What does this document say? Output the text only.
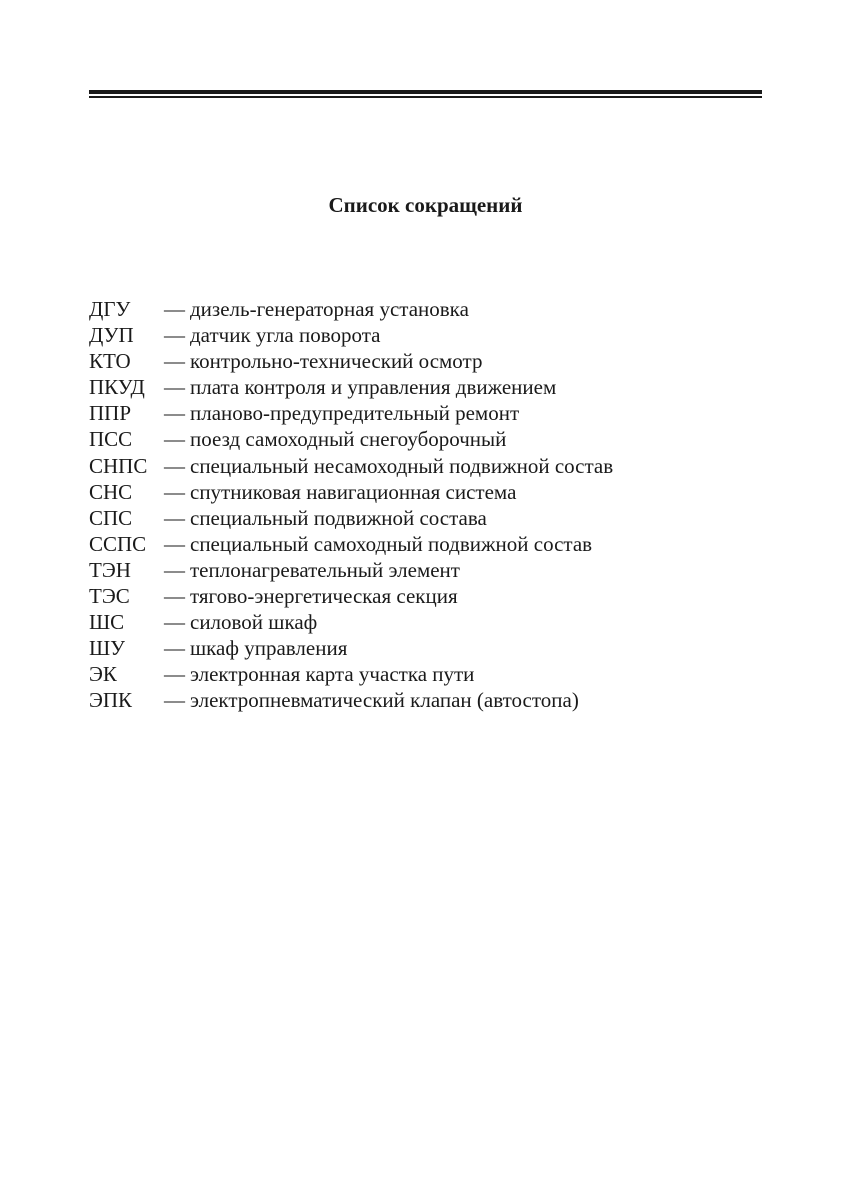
Список сокращений
ДГУ	— дизель-генераторная установка
ДУП	— датчик угла поворота
КТО	— контрольно-технический осмотр
ПКУД — плата контроля и управления движением
ППР	— планово-предупредительный ремонт
ПСС	— поезд самоходный снегоуборочный
СНПС — специальный несамоходный подвижной состав
СНС	— спутниковая навигационная система
СПС	— специальный подвижной состава
ССПС — специальный самоходный подвижной состав
ТЭН	— теплонагревательный элемент
ТЭС	— тягово-энергетическая секция
ШС	— силовой шкаф
ШУ	— шкаф управления
ЭК	— электронная карта участка пути
ЭПК	— электропневматический клапан (автостопа)
